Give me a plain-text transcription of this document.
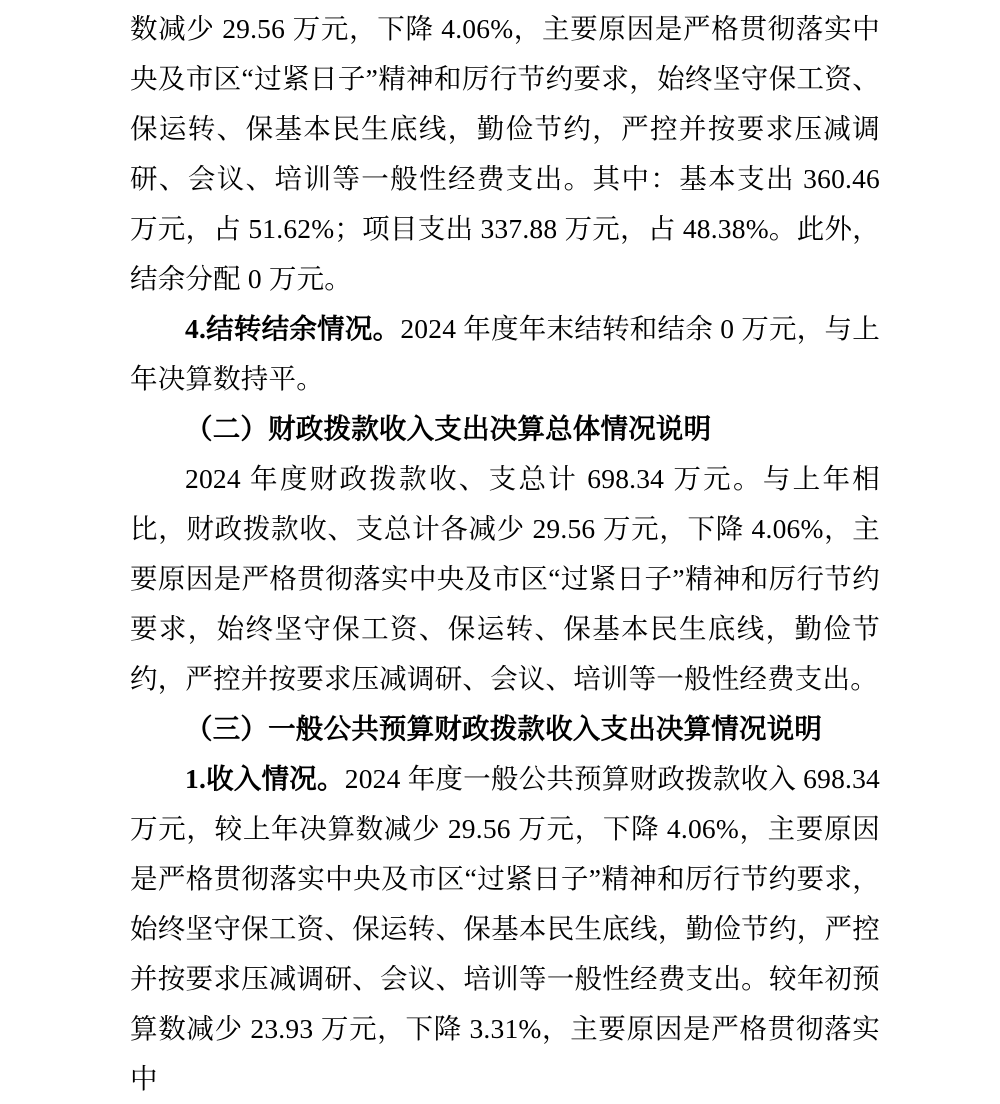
数减少 29.56 万元，下降 4.06%，主要原因是严格贯彻落实中央及市区“过紧日子”精神和厉行节约要求，始终坚守保工资、保运转、保基本民生底线，勤俭节约，严控并按要求压减调研、会议、培训等一般性经费支出。其中：基本支出 360.46 万元，占 51.62%；项目支出 337.88 万元，占 48.38%。此外，结余分配 0 万元。

4.结转结余情况。2024 年度年末结转和结余 0 万元，与上年决算数持平。

（二）财政拨款收入支出决算总体情况说明

2024 年度财政拨款收、支总计 698.34 万元。与上年相比，财政拨款收、支总计各减少 29.56 万元，下降 4.06%，主要原因是严格贯彻落实中央及市区“过紧日子”精神和厉行节约要求，始终坚守保工资、保运转、保基本民生底线，勤俭节约，严控并按要求压减调研、会议、培训等一般性经费支出。

（三）一般公共预算财政拨款收入支出决算情况说明

1.收入情况。2024 年度一般公共预算财政拨款收入 698.34 万元，较上年决算数减少 29.56 万元，下降 4.06%，主要原因是严格贯彻落实中央及市区“过紧日子”精神和厉行节约要求，始终坚守保工资、保运转、保基本民生底线，勤俭节约，严控并按要求压减调研、会议、培训等一般性经费支出。较年初预算数减少 23.93 万元，下降 3.31%，主要原因是严格贯彻落实中
